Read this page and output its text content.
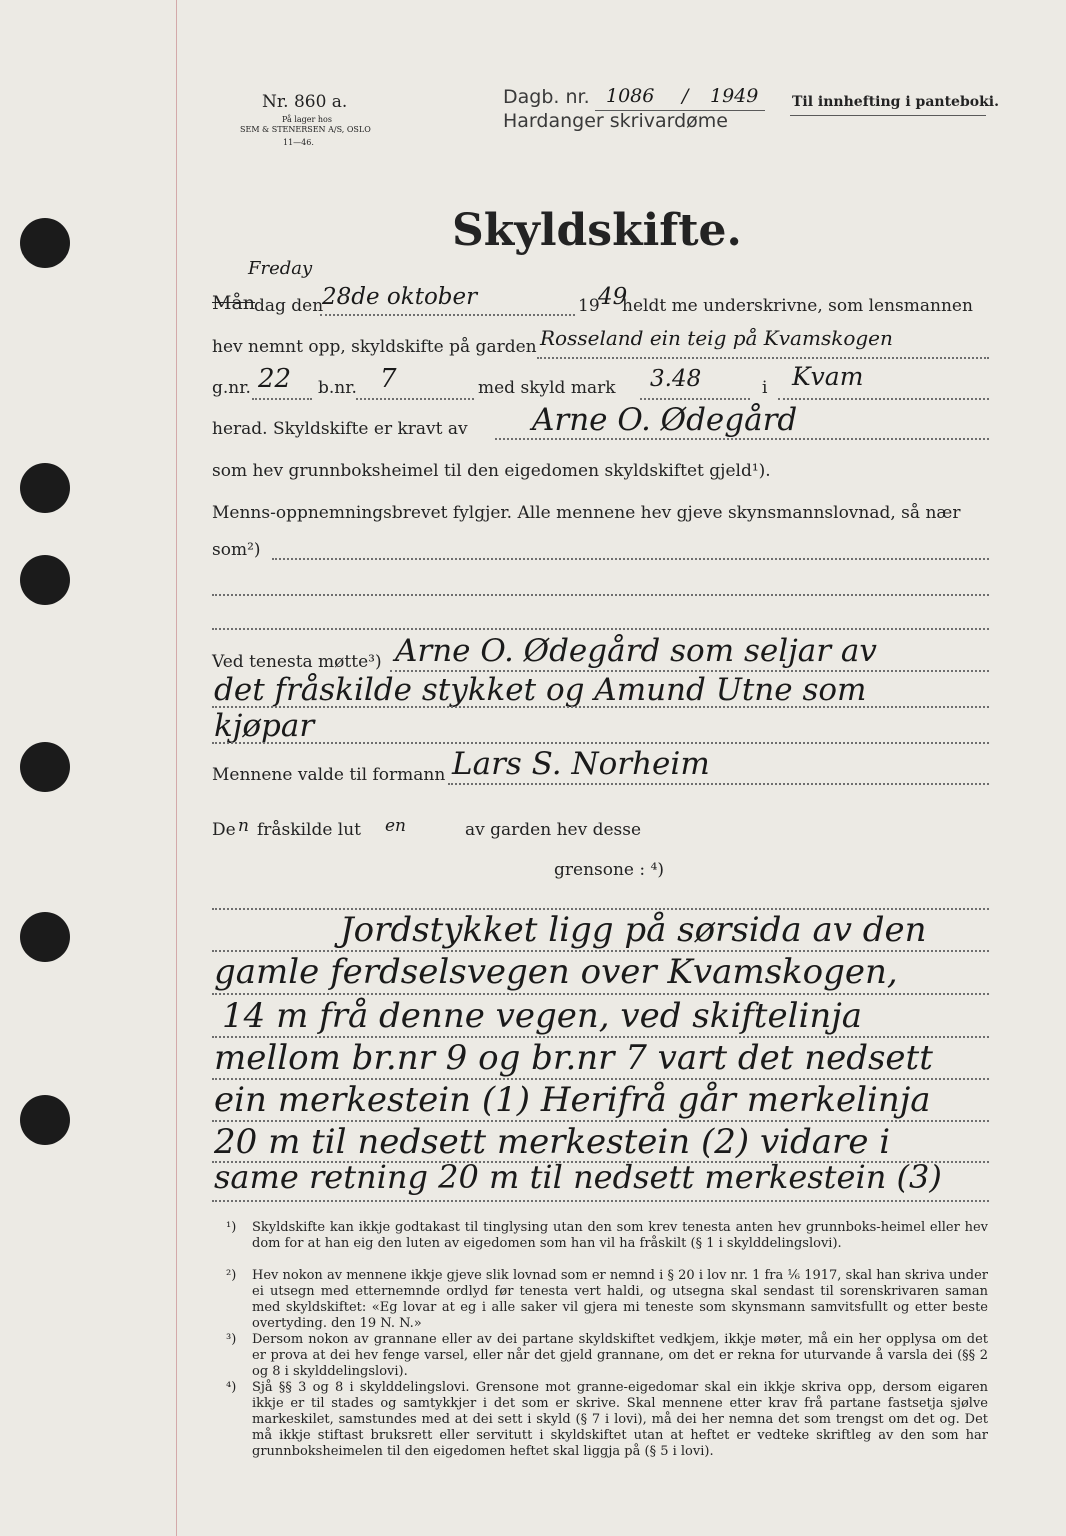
Nr. 860 a.
På lager hos
SEM & STENERSEN A/S, OSLO
11—46.
Dagb. nr. 1086 / 1949
Hardanger skrivardøme
Til innhefting i panteboki.
Skyldskifte.
Freday
Mån
dag den
28de oktober	19
49
heldt me underskrivne, som lensmannen
hev nemnt opp, skyldskifte på garden Rosseland ein teig på Kvamskogen
g.nr. 22 b.nr. 7	med skyld mark 3.48	i Kvam
herad. Skyldskifte er kravt av Arne O. Ødegård
som hev grunnboksheimel til den eigedomen skyldskiftet gjeld¹).
Menns-oppnemningsbrevet fylgjer. Alle mennene hev gjeve skynsmannslovnad, så nær
som²)
Ved tenesta møtte³) Arne O. Ødegård som seljar av
det fråskilde stykket og Amund Utne som
kjøpar
Mennene valde til formann Lars S. Norheim
De n fråskilde lut en	av garden hev desse
grensone : ⁴)
Jordstykket ligg på sørsida av den
gamle ferdselsvegen over Kvamskogen,
14 m frå denne vegen, ved skiftelinja
mellom br.nr 9 og br.nr 7 vart det nedsett
ein merkestein (1) Herifrå går merkelinja
20 m til nedsett merkestein (2) vidare i
same retning 20 m til nedsett merkestein (3)
¹) Skyldskifte kan ikkje godtakast til tinglysing utan den som krev tenesta anten hev grunnboks-heimel eller hev dom for at han eig den luten av eigedomen som han vil ha fråskilt (§ 1 i skylddelingslovi).
²) Hev nokon av mennene ikkje gjeve slik lovnad som er nemnd i § 20 i lov nr. 1 fra ⅙ 1917, skal han skriva under ei utsegn med etternemnde ordlyd før tenesta vert haldi, og utsegna skal sendast til sorenskrivaren saman med skyldskiftet: «Eg lovar at eg i alle saker vil gjera mi teneste som skynsmann samvitsfullt og etter beste overtyding. den 19 N. N.»
³) Dersom nokon av grannane eller av dei partane skyldskiftet vedkjem, ikkje møter, må ein her opplysa om det er prova at dei hev fenge varsel, eller når det gjeld grannane, om det er rekna for uturvande å varsla dei (§§ 2 og 8 i skylddelingslovi).
⁴) Sjå §§ 3 og 8 i skylddelingslovi. Grensone mot granne-eigedomar skal ein ikkje skriva opp, dersom eigaren ikkje er til stades og samtykkjer i det som er skrive. Skal mennene etter krav frå partane fastsetja sjølve markeskilet, samstundes med at dei sett i skyld (§ 7 i lovi), må dei her nemna det som trengst om det og. Det må ikkje stiftast bruksrett eller servitutt i skyldskiftet utan at heftet er vedteke skriftleg av den som har grunnboksheimelen til den eigedomen heftet skal liggja på (§ 5 i lovi).
